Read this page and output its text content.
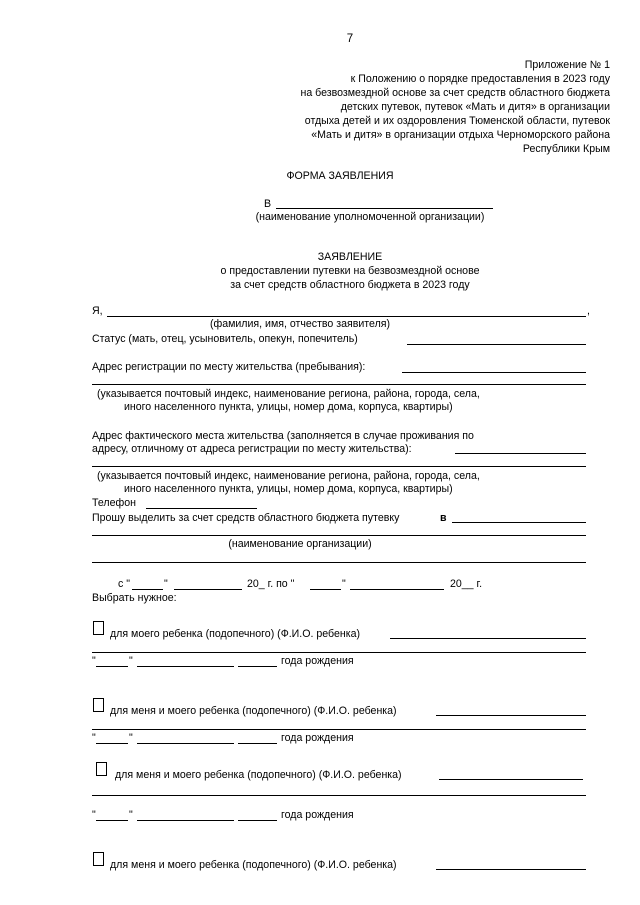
7
Приложение № 1
к Положению о порядке предоставления в 2023 году
на безвозмездной основе за счет средств областного бюджета
детских путевок, путевок «Мать и дитя» в организации
отдыха детей и их оздоровления Тюменской области, путевок
«Мать и дитя» в организации отдыха Черноморского района
Республики Крым
ФОРМА ЗАЯВЛЕНИЯ
В
(наименование уполномоченной организации)
ЗАЯВЛЕНИЕ
о предоставлении путевки на безвозмездной основе
за счет средств областного бюджета в 2023 году
Я,	,
(фамилия, имя, отчество заявителя)
Статус (мать, отец, усыновитель, опекун, попечитель)
Адрес регистрации по месту жительства (пребывания):
(указывается почтовый индекс, наименование региона, района, города, села,
иного населенного пункта, улицы, номер дома, корпуса, квартиры)
Адрес фактического места жительства (заполняется в случае проживания по
адресу, отличному от адреса регистрации по месту жительства):
(указывается почтовый индекс, наименование региона, района, города, села,
иного населенного пункта, улицы, номер дома, корпуса, квартиры)
Телефон
Прошу выделить за счет средств областного бюджета путевку	в
(наименование организации)
с "	"	20_ г. по "	"	20__ г.
Выбрать нужное:
для моего ребенка (подопечного) (Ф.И.О. ребенка)
"	"	года рождения
для меня и моего ребенка (подопечного) (Ф.И.О. ребенка)
"	"	года рождения
для меня и моего ребенка (подопечного) (Ф.И.О. ребенка)
"	"	года рождения
для меня и моего ребенка (подопечного) (Ф.И.О. ребенка)
